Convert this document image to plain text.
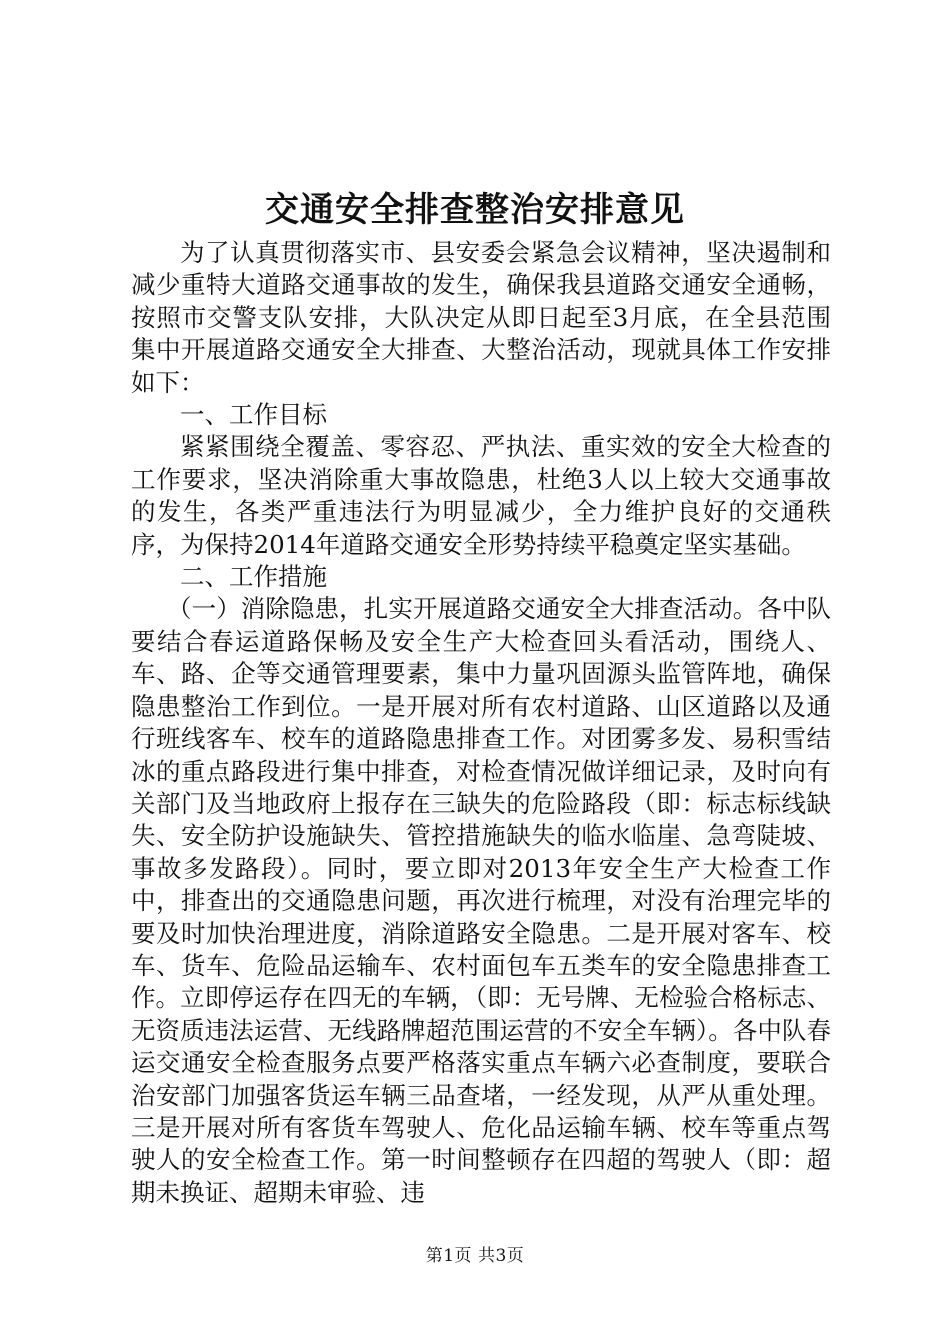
交通安全排查整治安排意见

为了认真贯彻落实市、县安委会紧急会议精神，坚决遏制和减少重特大道路交通事故的发生，确保我县道路交通安全通畅，按照市交警支队安排，大队决定从即日起至3月底，在全县范围集中开展道路交通安全大排查、大整治活动，现就具体工作安排如下：

一、工作目标

紧紧围绕全覆盖、零容忍、严执法、重实效的安全大检查的工作要求，坚决消除重大事故隐患，杜绝3人以上较大交通事故的发生，各类严重违法行为明显减少，全力维护良好的交通秩序，为保持2014年道路交通安全形势持续平稳奠定坚实基础。

二、工作措施

（一）消除隐患，扎实开展道路交通安全大排查活动。各中队要结合春运道路保畅及安全生产大检查回头看活动，围绕人、车、路、企等交通管理要素，集中力量巩固源头监管阵地，确保隐患整治工作到位。一是开展对所有农村道路、山区道路以及通行班线客车、校车的道路隐患排查工作。对团雾多发、易积雪结冰的重点路段进行集中排查，对检查情况做详细记录，及时向有关部门及当地政府上报存在三缺失的危险路段（即：标志标线缺失、安全防护设施缺失、管控措施缺失的临水临崖、急弯陡坡、事故多发路段）。同时，要立即对2013年安全生产大检查工作中，排查出的交通隐患问题，再次进行梳理，对没有治理完毕的要及时加快治理进度，消除道路安全隐患。二是开展对客车、校车、货车、危险品运输车、农村面包车五类车的安全隐患排查工作。立即停运存在四无的车辆，（即：无号牌、无检验合格标志、无资质违法运营、无线路牌超范围运营的不安全车辆）。各中队春运交通安全检查服务点要严格落实重点车辆六必查制度，要联合治安部门加强客货运车辆三品查堵，一经发现，从严从重处理。三是开展对所有客货车驾驶人、危化品运输车辆、校车等重点驾驶人的安全检查工作。第一时间整顿存在四超的驾驶人（即：超期未换证、超期未审验、违

第1页 共3页
